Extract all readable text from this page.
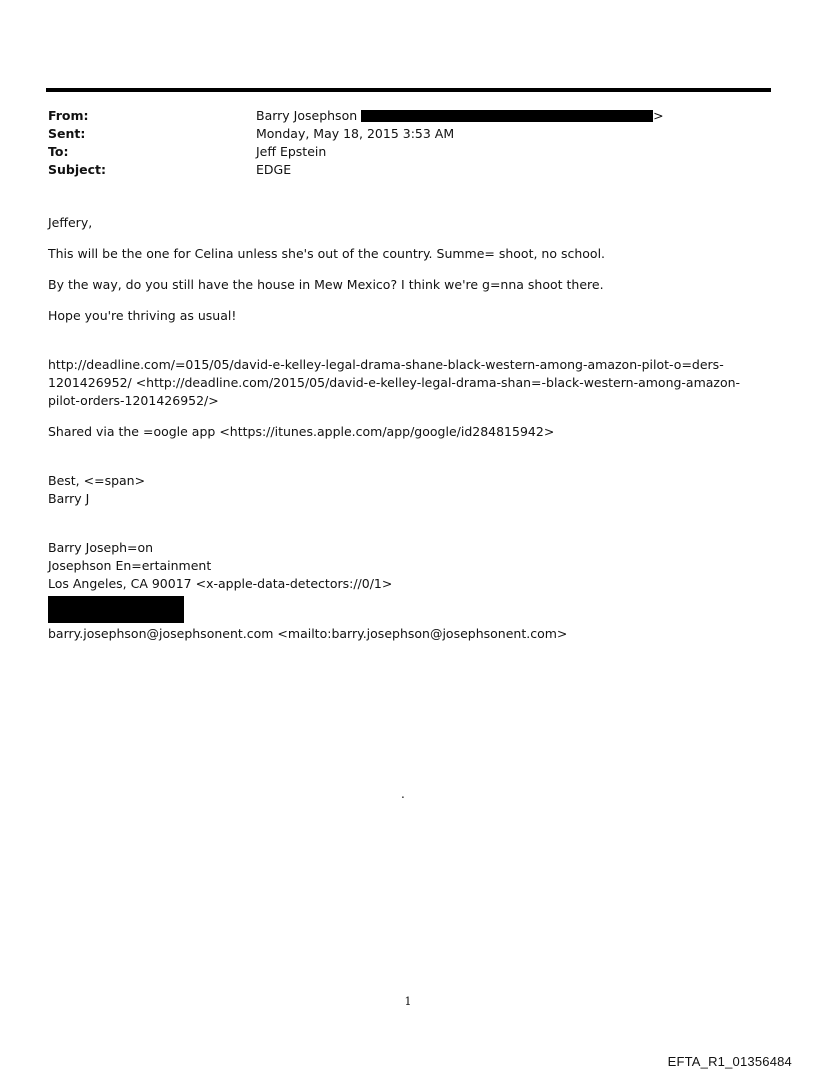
From:	Barry Josephson	>
Sent:	Monday, May 18, 2015 3:53 AM
To:	Jeff Epstein
Subject:	EDGE

Jeffery,

This will be the one for Celina unless she's out of the country. Summe= shoot, no school.

By the way, do you still have the house in Mew Mexico? I think we're g=nna shoot there.

Hope you're thriving as usual!

http://deadline.com/=015/05/david-e-kelley-legal-drama-shane-black-western-among-amazon-pilot-o=ders-1201426952/ <http://deadline.com/2015/05/david-e-kelley-legal-drama-shan=-black-western-among-amazon-pilot-orders-1201426952/>

Shared via the =oogle app <https://itunes.apple.com/app/google/id284815942>

Best, <=span>

Barry J

Barry Joseph=on

Josephson En=ertainment

Los Angeles, CA 90017 <x-apple-data-detectors://0/1>

barry.josephson@josephsonent.com <mailto:barry.josephson@josephsonent.com>

.
1
EFTA_R1_01356484
